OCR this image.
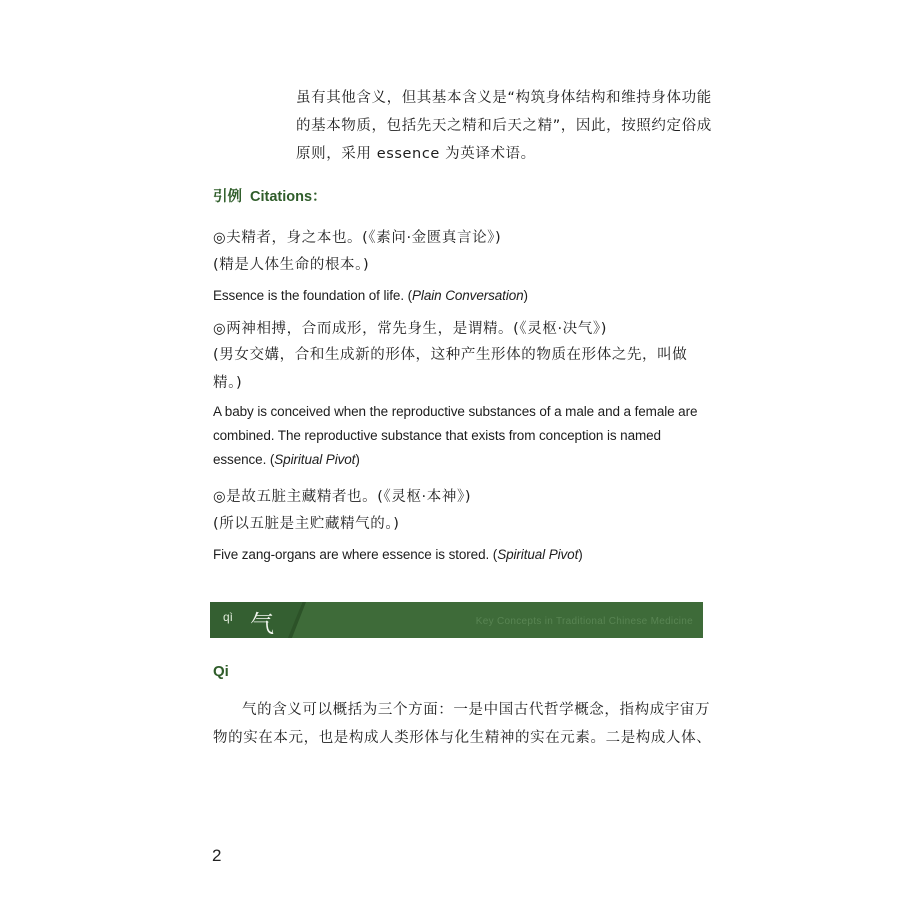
虽有其他含义，但其基本含义是“构筑身体结构和维持身体功能的基本物质，包括先天之精和后天之精”，因此，按照约定俗成原则，采用 essence 为英译术语。

引例 Citations：

◎夫精者，身之本也。(《素问·金匮真言论》)

(精是人体生命的根本。)

Essence is the foundation of life. (Plain Conversation)

◎两神相搏，合而成形，常先身生，是谓精。(《灵枢·决气》)

(男女交媾，合和生成新的形体，这种产生形体的物质在形体之先，叫做精。)

A baby is conceived when the reproductive substances of a male and a female are combined. The reproductive substance that exists from conception is named essence. (Spiritual Pivot)

◎是故五脏主藏精者也。(《灵枢·本神》)

(所以五脏是主贮藏精气的。)

Five zang-organs are where essence is stored. (Spiritual Pivot)

qì 气	Key Concepts in Traditional Chinese Medicine
Qi

气的含义可以概括为三个方面：一是中国古代哲学概念，指构成宇宙万物的实在本元，也是构成人类形体与化生精神的实在元素。二是构成人体、

2
